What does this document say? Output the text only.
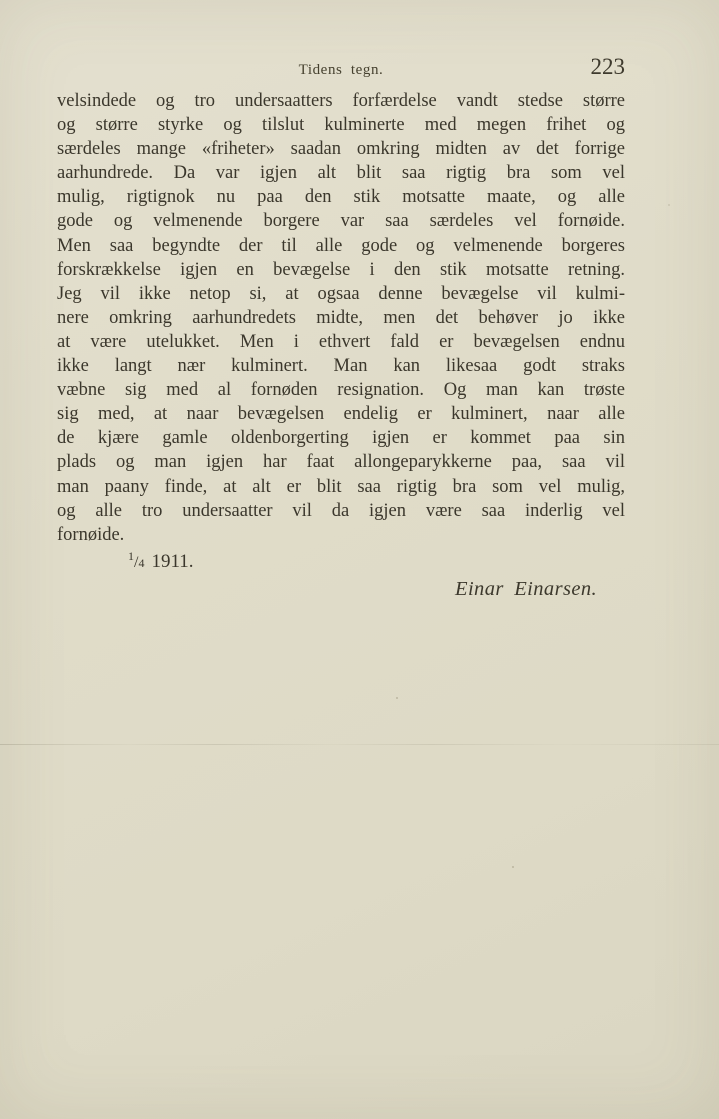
Tidens tegn.	223
velsindede og tro undersaatters forfærdelse vandt stedse større
og større styrke og tilslut kulminerte med megen frihet og
særdeles mange «friheter» saadan omkring midten av det forrige
aarhundrede. Da var igjen alt blit saa rigtig bra som vel
mulig, rigtignok nu paa den stik motsatte maate, og alle
gode og velmenende borgere var saa særdeles vel fornøide.
Men saa begyndte der til alle gode og velmenende borgeres
forskrækkelse igjen en bevægelse i den stik motsatte retning.
Jeg vil ikke netop si, at ogsaa denne bevægelse vil kulmi-
nere omkring aarhundredets midte, men det behøver jo ikke
at være utelukket. Men i ethvert fald er bevægelsen endnu
ikke langt nær kulminert. Man kan likesaa godt straks
væbne sig med al fornøden resignation. Og man kan trøste
sig med, at naar bevægelsen endelig er kulminert, naar alle
de kjære gamle oldenborgerting igjen er kommet paa sin
plads og man igjen har faat allongeparykkerne paa, saa vil
man paany finde, at alt er blit saa rigtig bra som vel mulig,
og alle tro undersaatter vil da igjen være saa inderlig vel
fornøide.
$^1$/4 1911.
Einar Einarsen.
